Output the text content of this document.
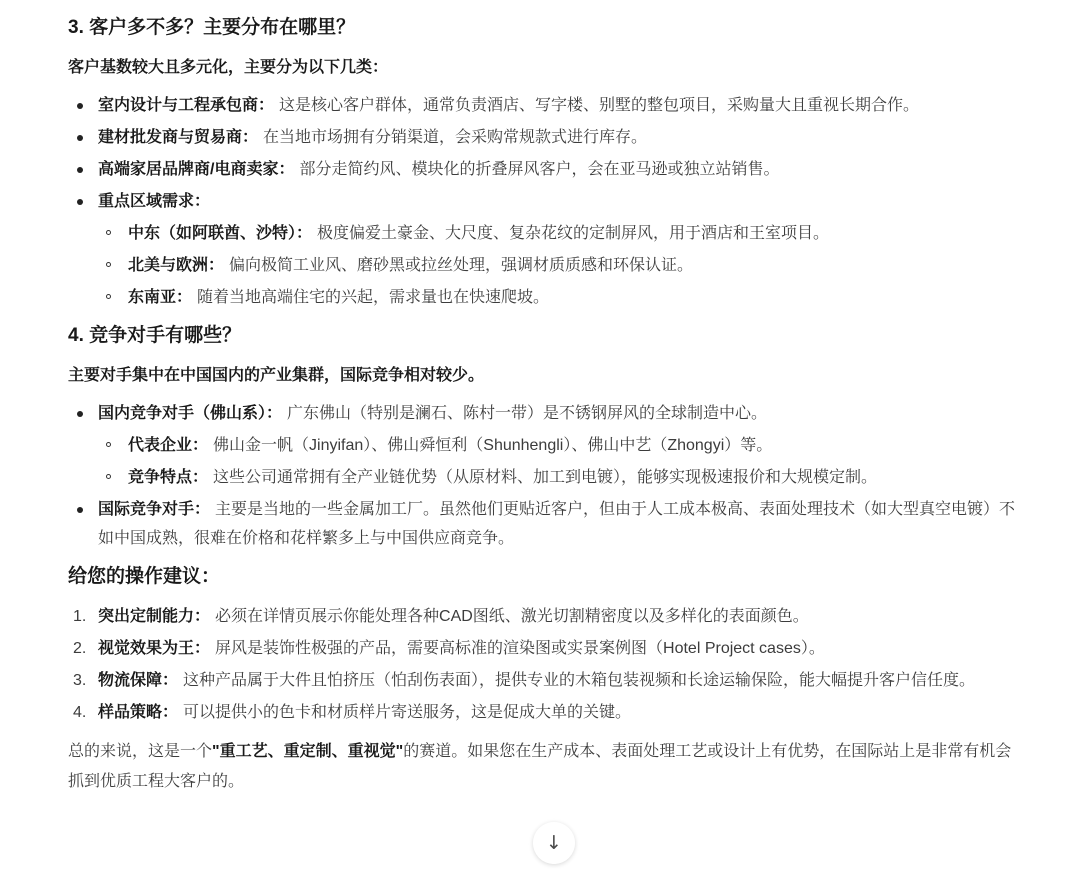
3. 客户多不多？主要分布在哪里？

客户基数较大且多元化，主要分为以下几类：

室内设计与工程承包商： 这是核心客户群体，通常负责酒店、写字楼、别墅的整包项目，采购量大且重视长期合作。
建材批发商与贸易商： 在当地市场拥有分销渠道，会采购常规款式进行库存。
高端家居品牌商/电商卖家： 部分走简约风、模块化的折叠屏风客户，会在亚马逊或独立站销售。
重点区域需求：
中东（如阿联酋、沙特）： 极度偏爱土豪金、大尺度、复杂花纹的定制屏风，用于酒店和王室项目。
北美与欧洲： 偏向极简工业风、磨砂黑或拉丝处理，强调材质质感和环保认证。
东南亚： 随着当地高端住宅的兴起，需求量也在快速爬坡。
4. 竞争对手有哪些？

主要对手集中在中国国内的产业集群，国际竞争相对较少。

国内竞争对手（佛山系）： 广东佛山（特别是澜石、陈村一带）是不锈钢屏风的全球制造中心。
代表企业： 佛山金一帆（Jinyifan）、佛山舜恒利（Shunhengli）、佛山中艺（Zhongyi）等。
竞争特点： 这些公司通常拥有全产业链优势（从原材料、加工到电镀），能够实现极速报价和大规模定制。
国际竞争对手： 主要是当地的一些金属加工厂。虽然他们更贴近客户，但由于人工成本极高、表面处理技术（如大型真空电镀）不如中国成熟，很难在价格和花样繁多上与中国供应商竞争。
给您的操作建议：
1. 突出定制能力： 必须在详情页展示你能处理各种CAD图纸、激光切割精密度以及多样化的表面颜色。
2. 视觉效果为王： 屏风是装饰性极强的产品，需要高标准的渲染图或实景案例图（Hotel Project cases）。
3. 物流保障： 这种产品属于大件且怕挤压（怕刮伤表面），提供专业的木箱包装视频和长途运输保险，能大幅提升客户信任度。
4. 样品策略： 可以提供小的色卡和材质样片寄送服务，这是促成大单的关键。

总的来说，这是一个"重工艺、重定制、重视觉"的赛道。如果您在生产成本、表面处理工艺或设计上有优势，在国际站上是非常有机会抓到优质工程大客户的。

↓
